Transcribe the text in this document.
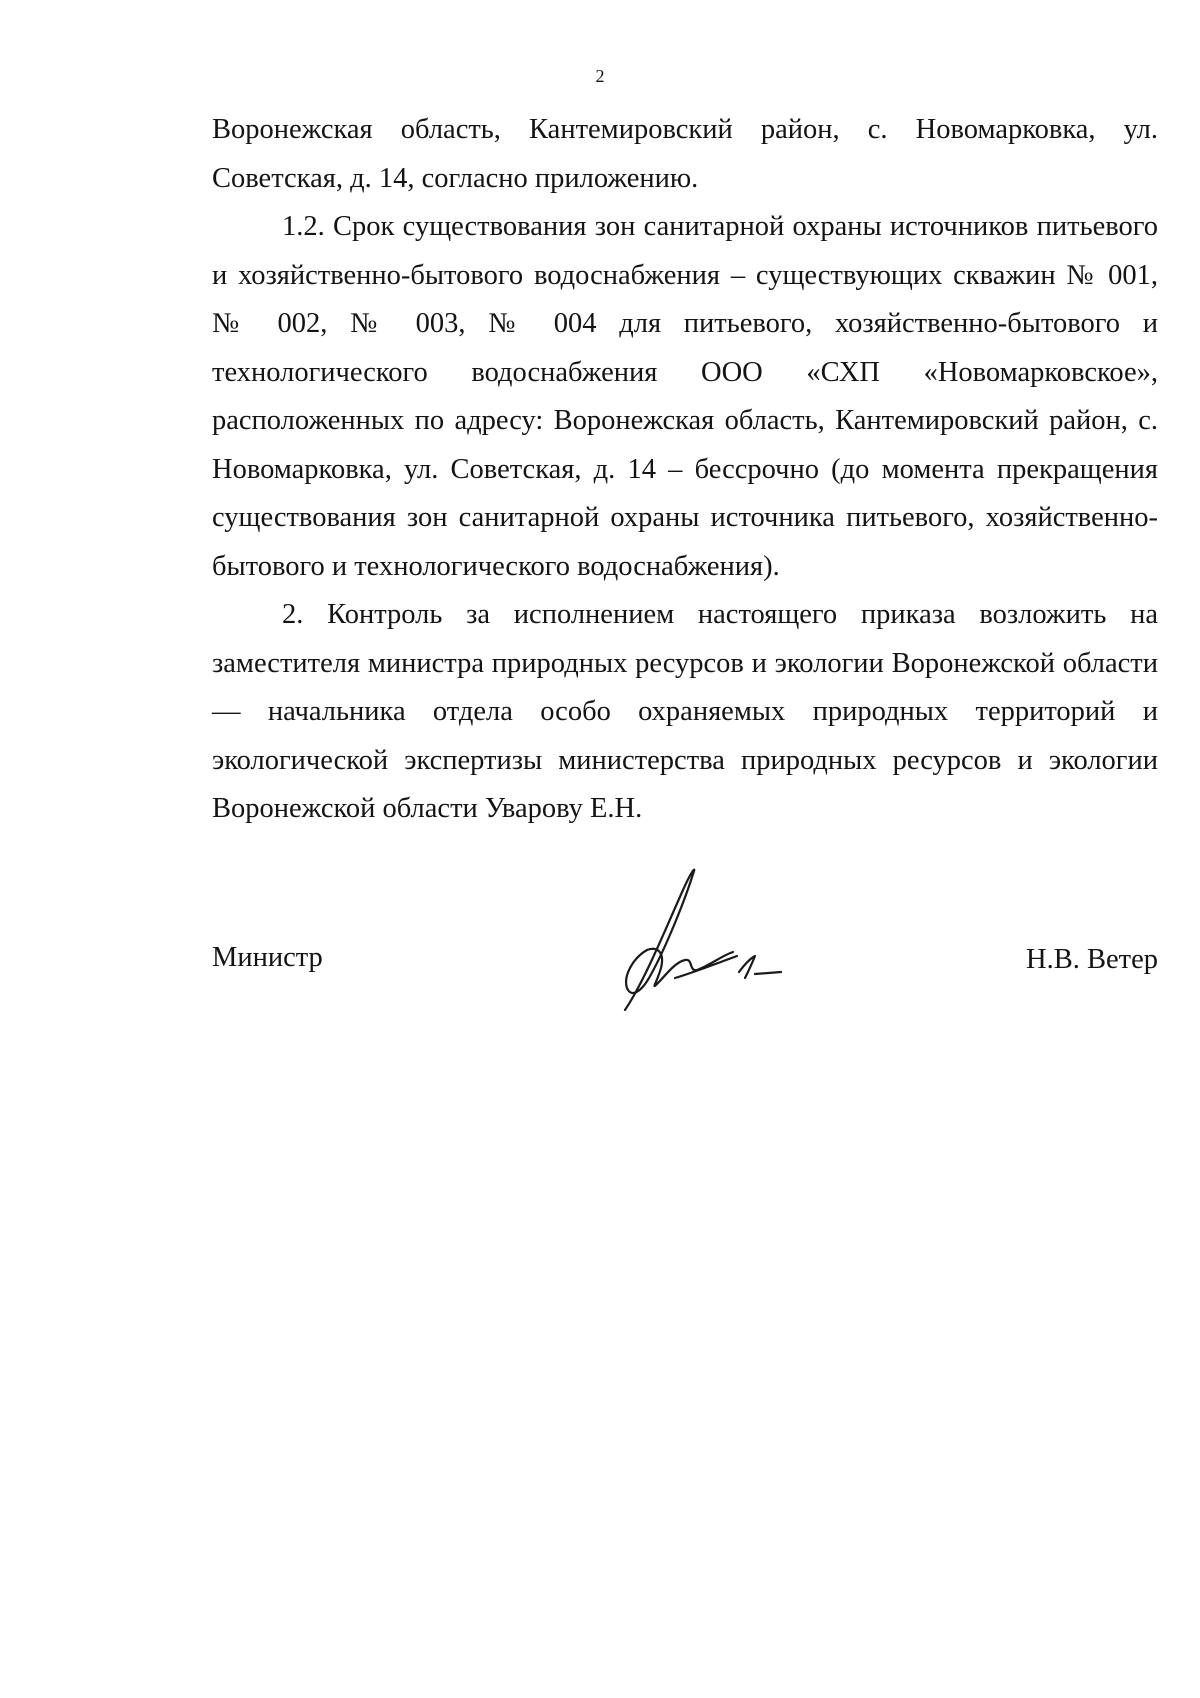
2

Воронежская область, Кантемировский район, с. Новомарковка, ул. Советская, д. 14, согласно приложению.

1.2. Срок существования зон санитарной охраны источников питьевого и хозяйственно-бытового водоснабжения – существующих скважин № 001, № 002, № 003, № 004 для питьевого, хозяйственно-бытового и технологического водоснабжения ООО «СХП «Новомарковское», расположенных по адресу: Воронежская область, Кантемировский район, с. Новомарковка, ул. Советская, д. 14 – бессрочно (до момента прекращения существования зон санитарной охраны источника питьевого, хозяйственно-бытового и технологического водоснабжения).

2. Контроль за исполнением настоящего приказа возложить на заместителя министра природных ресурсов и экологии Воронежской области — начальника отдела особо охраняемых природных территорий и экологической экспертизы министерства природных ресурсов и экологии Воронежской области Уварову Е.Н.

Министр	Н.В. Ветер
